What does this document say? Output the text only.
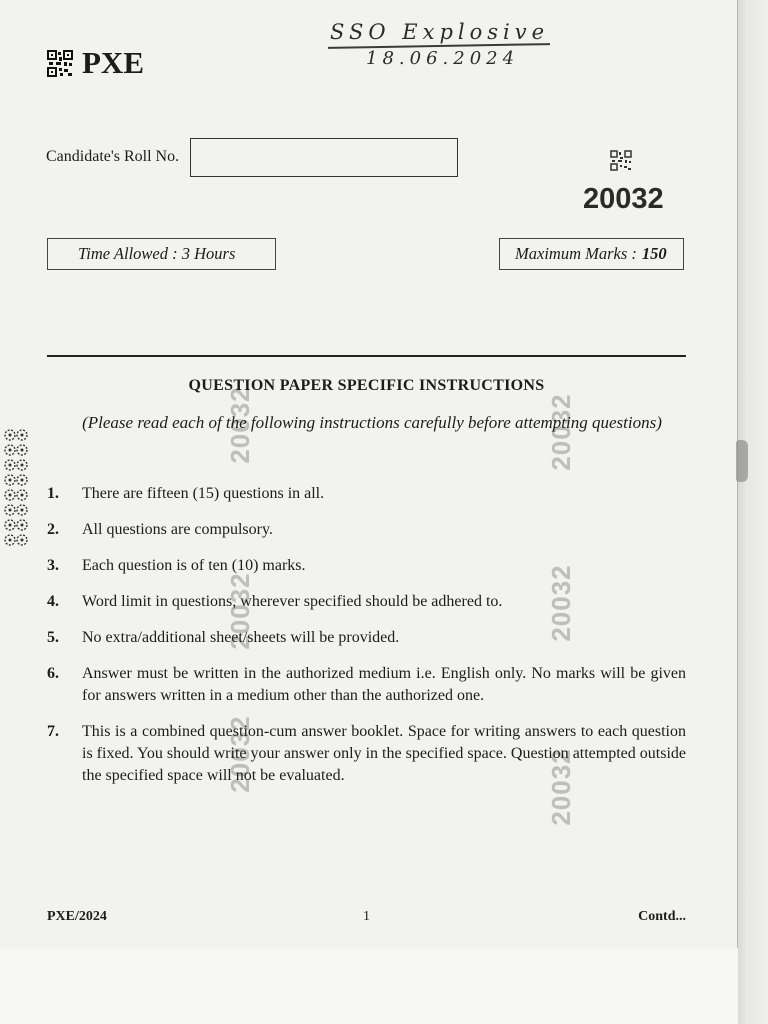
20032	20032
20032
20032
20032	20032
SSO Explosive
18.06.2024
PXE
Candidate's Roll No.
20032
Time Allowed : 3 Hours	Maximum Marks : 150
QUESTION PAPER SPECIFIC INSTRUCTIONS
(Please read each of the following instructions carefully before attempting questions)
1.	There are fifteen (15) questions in all.
2.	All questions are compulsory.
3.	Each question is of ten (10) marks.
4.	Word limit in questions, wherever specified should be adhered to.
5.	No extra/additional sheet/sheets will be provided.
6.	Answer must be written in the authorized medium i.e. English only. No marks will be given for answers written in a medium other than the authorized one.
7.	This is a combined question-cum answer booklet. Space for writing answers to each question is fixed. You should write your answer only in the specified space. Question attempted outside the specified space will not be evaluated.
PXE/2024	1	Contd...
